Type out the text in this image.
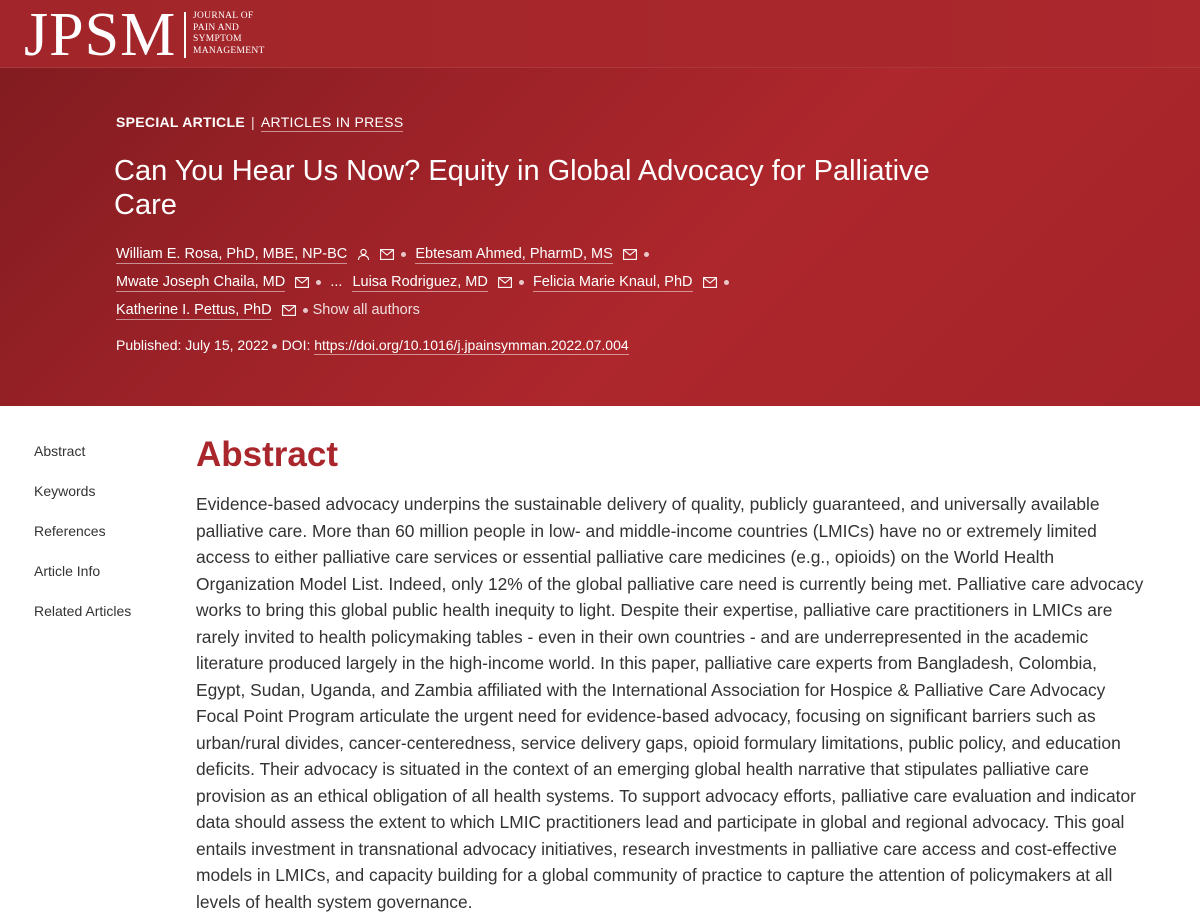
JPSM JOURNAL OF
PAIN AND
SYMPTOM
MANAGEMENT
SPECIAL ARTICLE | ARTICLES IN PRESS
Can You Hear Us Now? Equity in Global Advocacy for Palliative Care
William E. Rosa, PhD, MBE, NP-BC	Ebtesam Ahmed, PharmD, MS
Mwate Joseph Chaila, MD	... Luisa Rodriguez, MD	Felicia Marie Knaul, PhD
Katherine I. Pettus, PhD	Show all authors
Published: July 15, 2022 DOI: https://doi.org/10.1016/j.jpainsymman.2022.07.004
Abstract
Keywords
References
Article Info
Related Articles
Abstract

Evidence-based advocacy underpins the sustainable delivery of quality, publicly guaranteed, and universally available palliative care. More than 60 million people in low- and middle-income countries (LMICs) have no or extremely limited access to either palliative care services or essential palliative care medicines (e.g., opioids) on the World Health Organization Model List. Indeed, only 12% of the global palliative care need is currently being met. Palliative care advocacy works to bring this global public health inequity to light. Despite their expertise, palliative care practitioners in LMICs are rarely invited to health policymaking tables - even in their own countries - and are underrepresented in the academic literature produced largely in the high-income world. In this paper, palliative care experts from Bangladesh, Colombia, Egypt, Sudan, Uganda, and Zambia affiliated with the International Association for Hospice & Palliative Care Advocacy Focal Point Program articulate the urgent need for evidence-based advocacy, focusing on significant barriers such as urban/rural divides, cancer-centeredness, service delivery gaps, opioid formulary limitations, public policy, and education deficits. Their advocacy is situated in the context of an emerging global health narrative that stipulates palliative care provision as an ethical obligation of all health systems. To support advocacy efforts, palliative care evaluation and indicator data should assess the extent to which LMIC practitioners lead and participate in global and regional advocacy. This goal entails investment in transnational advocacy initiatives, research investments in palliative care access and cost-effective models in LMICs, and capacity building for a global community of practice to capture the attention of policymakers at all levels of health system governance.
